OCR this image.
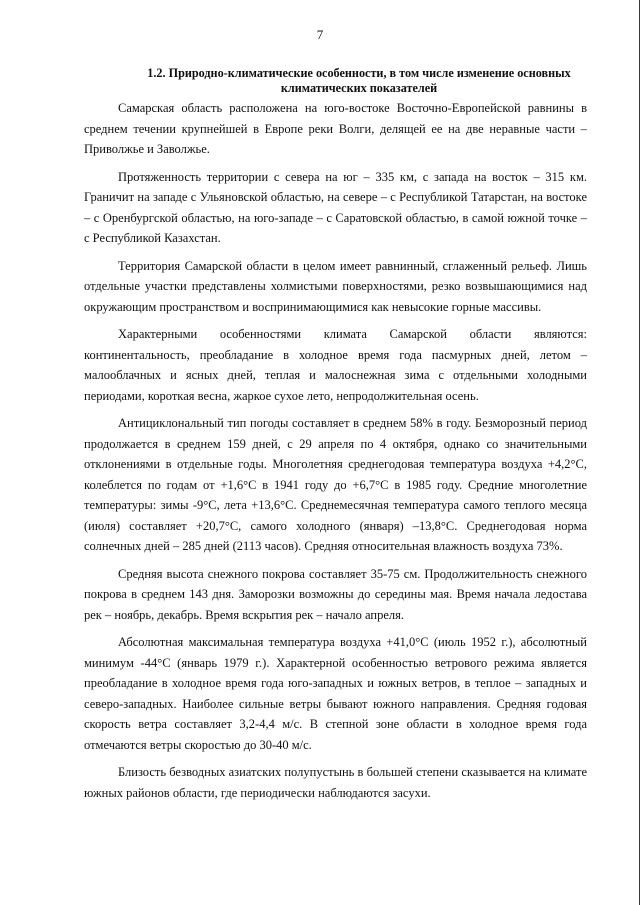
7
1.2. Природно-климатические особенности, в том числе изменение основных климатических показателей

Самарская область расположена на юго-востоке Восточно-Европейской равнины в среднем течении крупнейшей в Европе реки Волги, делящей ее на две неравные части – Приволжье и Заволжье.

Протяженность территории с севера на юг – 335 км, с запада на восток – 315 км. Граничит на западе с Ульяновской областью, на севере – с Республикой Татарстан, на востоке – с Оренбургской областью, на юго-западе – с Саратовской областью, в самой южной точке – с Республикой Казахстан.

Территория Самарской области в целом имеет равнинный, сглаженный рельеф. Лишь отдельные участки представлены холмистыми поверхностями, резко возвышающимися над окружающим пространством и воспринимающимися как невысокие горные массивы.

Характерными особенностями климата Самарской области являются: континентальность, преобладание в холодное время года пасмурных дней, летом – малооблачных и ясных дней, теплая и малоснежная зима с отдельными холодными периодами, короткая весна, жаркое сухое лето, непродолжительная осень.

Антициклональный тип погоды составляет в среднем 58% в году. Безморозный период продолжается в среднем 159 дней, с 29 апреля по 4 октября, однако со значительными отклонениями в отдельные годы. Многолетняя среднегодовая температура воздуха +4,2°С, колеблется по годам от +1,6°С в 1941 году до +6,7°С в 1985 году. Средние многолетние температуры: зимы -9°С, лета +13,6°С. Среднемесячная температура самого теплого месяца (июля) составляет +20,7°С, самого холодного (января) –13,8°С. Среднегодовая норма солнечных дней – 285 дней (2113 часов). Средняя относительная влажность воздуха 73%.

Средняя высота снежного покрова составляет 35-75 см. Продолжительность снежного покрова в среднем 143 дня. Заморозки возможны до середины мая. Время начала ледостава рек – ноябрь, декабрь. Время вскрытия рек – начало апреля.

Абсолютная максимальная температура воздуха +41,0°С (июль 1952 г.), абсолютный минимум -44°С (январь 1979 г.). Характерной особенностью ветрового режима является преобладание в холодное время года юго-западных и южных ветров, в теплое – западных и северо-западных. Наиболее сильные ветры бывают южного направления. Средняя годовая скорость ветра составляет 3,2-4,4 м/с. В степной зоне области в холодное время года отмечаются ветры скоростью до 30-40 м/с.

Близость безводных азиатских полупустынь в большей степени сказывается на климате южных районов области, где периодически наблюдаются засухи.
